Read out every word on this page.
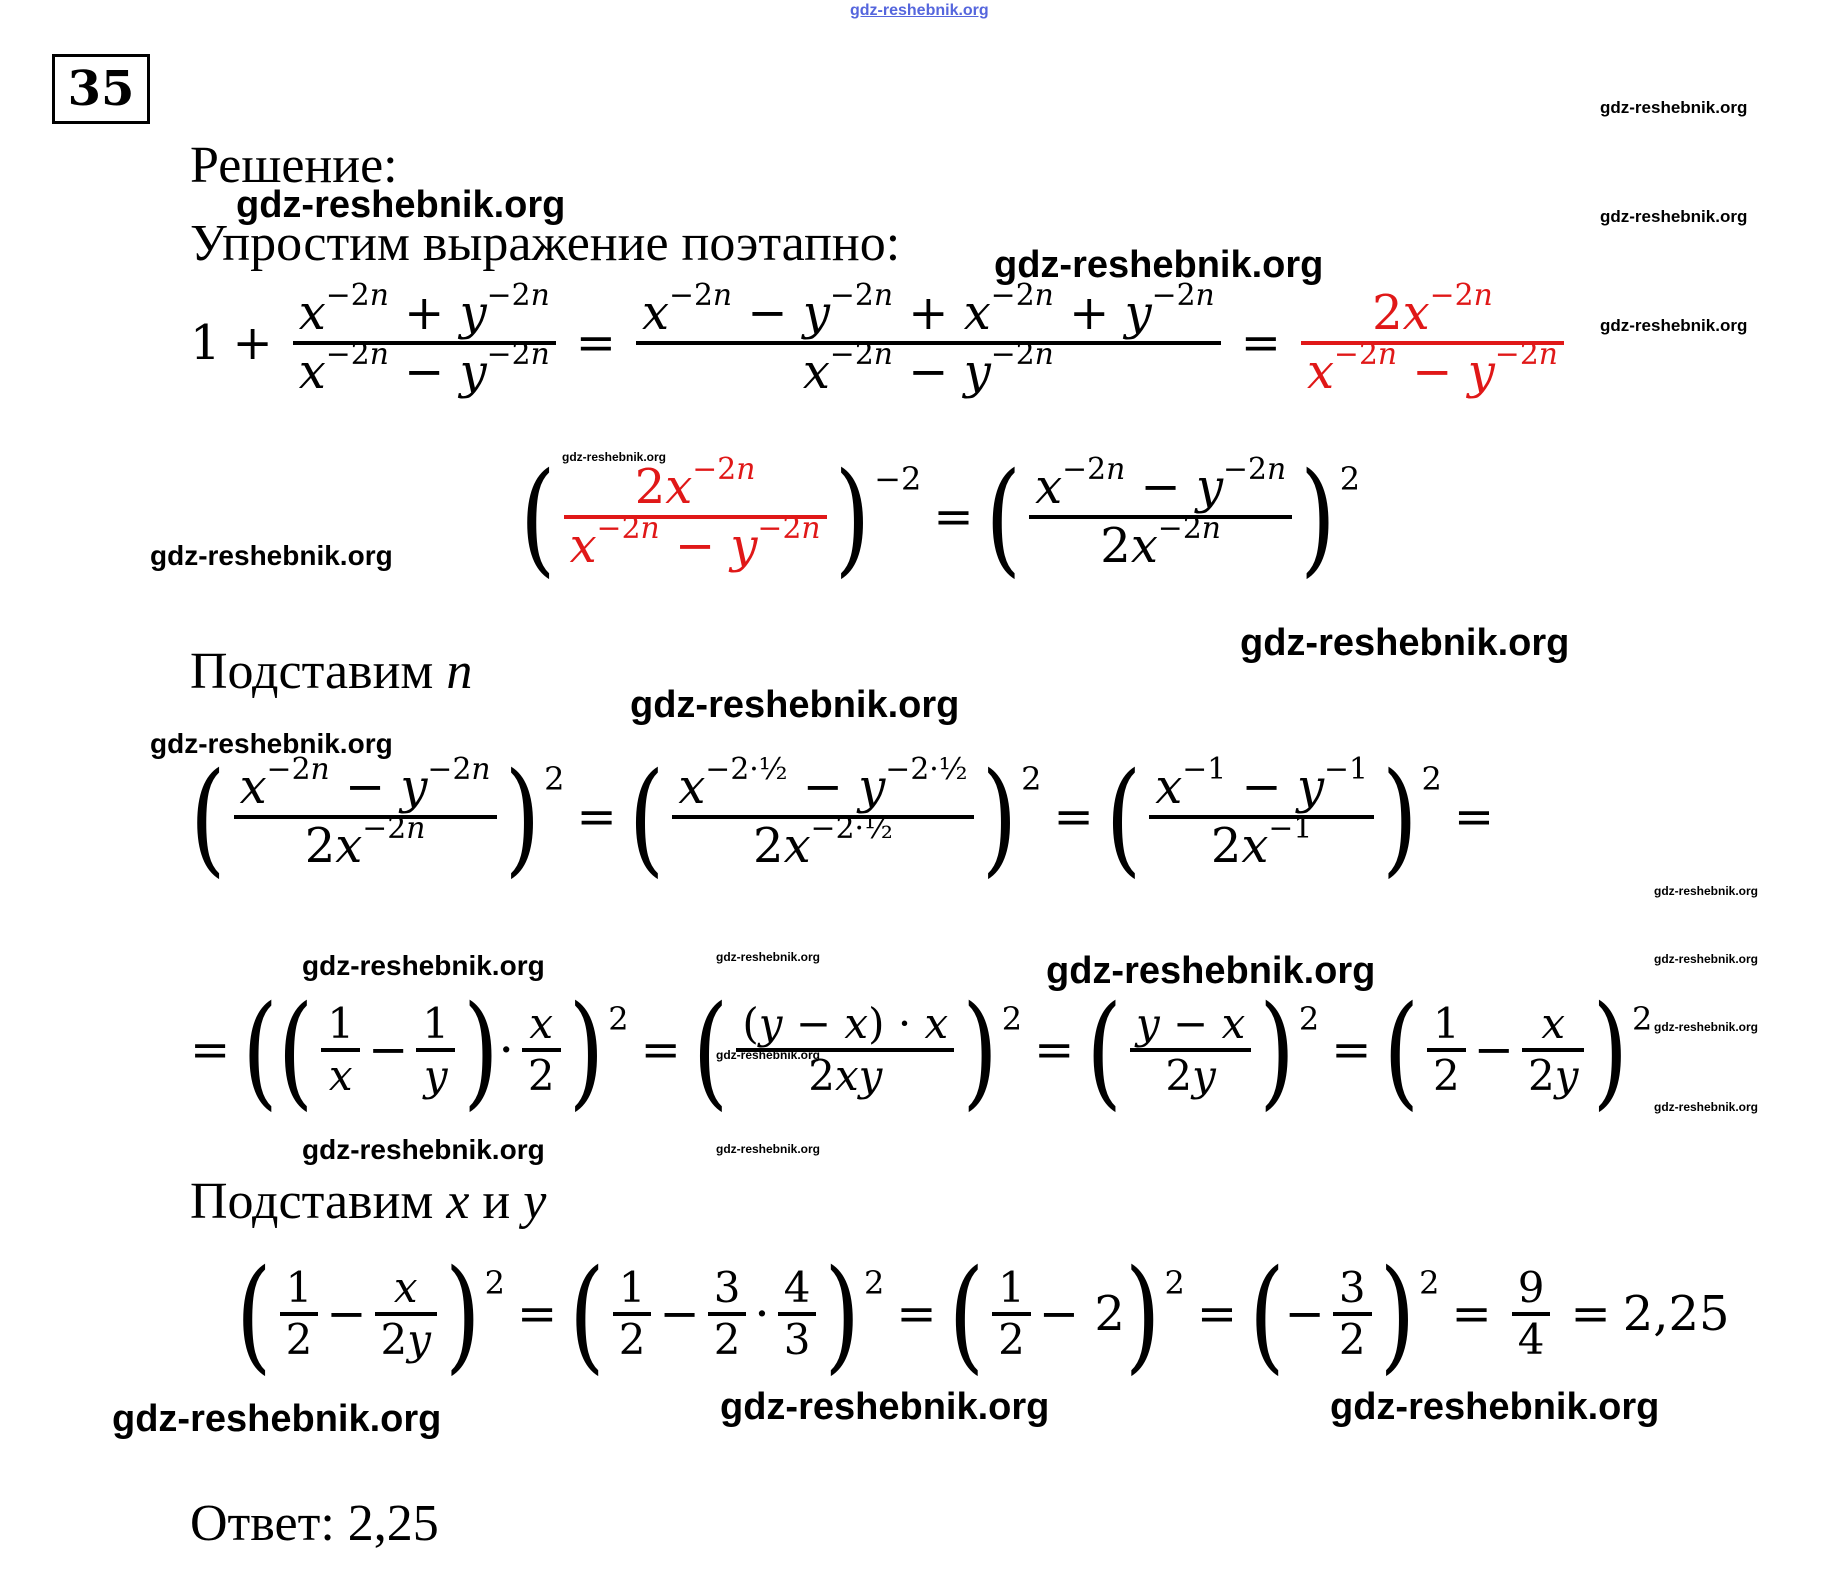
gdz-reshebnik.org
35	gdz-reshebnik.org
gdz-reshebnik.org
Решение:
gdz-reshebnik.org
Упростим выражение поэтапно: gdz-reshebnik.org
$1 + \frac{x^{-2n} + y^{-2n}}{x^{-2n} - y^{-2n}} = \frac{x^{-2n} - y^{-2n} + x^{-2n} + y^{-2n}}{x^{-2n} - y^{-2n}} = \frac{2x^{-2n}}{x^{-2n} - y^{-2n}}$ gdz-reshebnik.org
gdz-reshebnik.org
gdz-reshebnik.org ( $\frac{2x^{-2n}}{x^{-2n} - y^{-2n}}$ ) −2
= ( $\frac{x^{-2n} - y^{-2n}}{2x^{-2n}}$ ) 2
gdz-reshebnik.org
Подставим n
gdz-reshebnik.org
gdz-reshebnik.org
( $\frac{x^{-2n} - y^{-2n}}{2x^{-2n}}$ ) 2
= ( $\frac{x^{-2\cdot\frac{1}{2}} - y^{-2\cdot\frac{1}{2}}}{2x^{-2\cdot\frac{1}{2}}}$ ) 2
= ( $\frac{x^{-1} - y^{-1}}{2x^{-1}}$ ) 2
=
gdz-reshebnik.org
gdz-reshebnik.org	gdz-reshebnik.org
gdz-reshebnik.org	gdz-reshebnik.org
= ( ( $\frac{1}{x} - \frac{1}{y}$ ) · $\frac{x}{2}$ ) 2
= ( $\frac{(y - x) \cdot x}{2xy}$ ) 2
= ( $\frac{y - x}{2y}$ ) 2
= ( $\frac{1}{2} - \frac{x}{2y}$ ) 2
gdz-reshebnik.org
gdz-reshebnik.org
gdz-reshebnik.org
gdz-reshebnik.org
gdz-reshebnik.org
Подставим x и y
( $\frac{1}{2} - \frac{x}{2y}$ ) 2
= ( $\frac{1}{2} - \frac{3}{2} \cdot \frac{4}{3}$ ) 2
= ( $\frac{1}{2} - 2$ ) 2
= ( − $\frac{3}{2}$ ) 2
= $\frac{9}{4} = 2,25$
gdz-reshebnik.org	gdz-reshebnik.org	gdz-reshebnik.org
Ответ: 2,25
